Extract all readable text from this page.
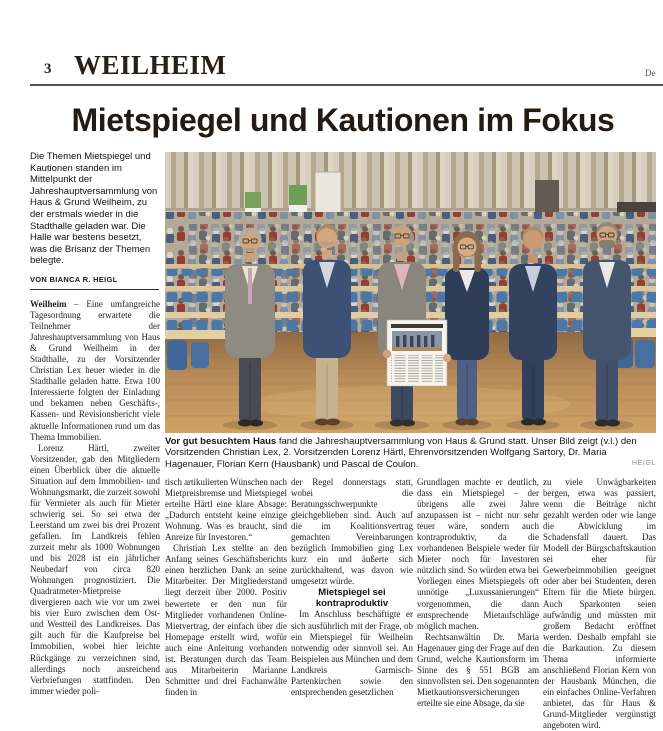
3 WEILHEIM	De
Mietspiegel und Kautionen im Fokus
Die Themen Mietspiegel und Kautionen standen im Mittelpunkt der Jahreshauptversammlung von Haus & Grund Weilheim, zu der erstmals wieder in die Stadthalle geladen war. Die Halle war bestens besetzt, was die Brisanz der Themen belegte.
VON BIANCA R. HEIGL
Vor gut besuchtem Haus fand die Jahreshauptversammlung von Haus & Grund statt. Unser Bild zeigt (v.l.) den Vorsitzenden Christian Lex, 2. Vorsitzenden Lorenz Härtl, Ehrenvorsitzenden Wolfgang Sartory, Dr. Maria Hagenauer, Florian Kern (Hausbank) und Pascal de Coulon.	HEIGL

Weilheim – Eine umfangreiche Tagesordnung erwartete die Teilnehmer der Jahreshauptversammlung von Haus & Grund Weilheim in der Stadthalle, zu der Vorsitzender Christian Lex heuer wieder in die Stadthalle geladen hatte. Etwa 100 Interessierte folgten der Einladung und bekamen neben Geschäfts-, Kassen- und Revisionsbericht viele aktuelle Informationen rund um das Thema Immobilien.

Lorenz Härtl, zweiter Vorsitzender, gab den Mitgliedern einen Überblick über die aktuelle Situation auf dem Immobilien- und Wohnungsmarkt, die zurzeit sowohl für Vermieter als auch für Mieter schwierig sei. So sei etwa der Leerstand um zwei bis drei Prozent gefallen. Im Landkreis fehlen zurzeit mehr als 1000 Wohnungen und bis 2028 ist ein jährlicher Neubedarf von circa 820 Wohnungen prognostiziert. Die Quadratmeter-Mietpreise divergieren nach wie vor um zwei bis vier Euro zwischen dem Ost- und Westteil des Landkreises. Das gilt auch für die Kaufpreise bei Immobilien, wobei hier leichte Rückgänge zu verzeichnen sind, allerdings noch ausreichend Verbriefungen stattfinden. Den immer wieder poli-

tisch artikulierten Wünschen nach Mietpreisbremse und Mietspiegel erteilte Härtl eine klare Absage: „Dadurch entsteht keine einzige Wohnung. Was es braucht, sind Anreize für Investoren.“

Christian Lex stellte an den Anfang seines Geschäftsberichts einen herzlichen Dank an seine Mitarbeiter. Der Mitgliederstand liegt derzeit über 2000. Positiv bewertete er den nun für Mitglieder vorhandenen Online-Mietvertrag, der einfach über die Homepage erstellt wird, wofür auch eine Anleitung vorhanden ist. Beratungen durch das Team aus Mitarbeiterin Marianne Schmitter und drei Fachanwälte finden in

der Regel donnerstags statt, wobei die Beratungsschwerpunkte gleichgeblieben sind. Auch auf die im Koalitionsvertrag gemachten Vereinbarungen bezüglich Immobilien ging Lex kurz ein und äußerte sich zurückhaltend, was davon wie umgesetzt würde.

Mietspiegel sei kontraproduktiv

Im Anschluss beschäftigte er sich ausführlich mit der Frage, ob ein Mietspiegel für Weilheim notwendig oder sinnvoll sei. An Beispielen aus München und dem Landkreis Garmisch-Partenkirchen sowie den entsprechenden gesetzlichen

Grundlagen machte er deutlich, dass ein Mietspiegel – der übrigens alle zwei Jahre anzupassen ist – nicht nur sehr teuer wäre, sondern auch kontraproduktiv, da die vorhandenen Beispiele weder für Mieter noch für Investoren nützlich sind. So würden etwa bei Vorliegen eines Mietspiegels oft unnötige „Luxussanierungen“ vorgenommen, die dann entsprechende Mietaufschläge möglich machen.

Rechtsanwältin Dr. Maria Hagenauer ging der Frage auf den Grund, welche Kautionsform im Sinne des § 551 BGB am sinnvollsten sei. Den sogenannten Mietkautionsversicherungen erteilte sie eine Absage, da sie

zu viele Unwägbarkeiten bergen, etwa was passiert, wenn die Beiträge nicht gezahlt werden oder wie lange die Abwicklung im Schadensfall dauert. Das Modell der Bürgschaftskaution sei eher für Gewerbeimmobilien geeignet oder aber bei Studenten, deren Eltern für die Miete bürgen. Auch Sparkonten seien aufwändig und müssten mit großem Bedacht eröffnet werden. Deshalb empfahl sie die Barkaution. Zu diesem Thema informierte anschließend Florian Kern von der Hausbank München, die ein einfaches Online-Verfahren anbietet, das für Haus & Grund-Mitglieder vergünstigt angeboten wird.
